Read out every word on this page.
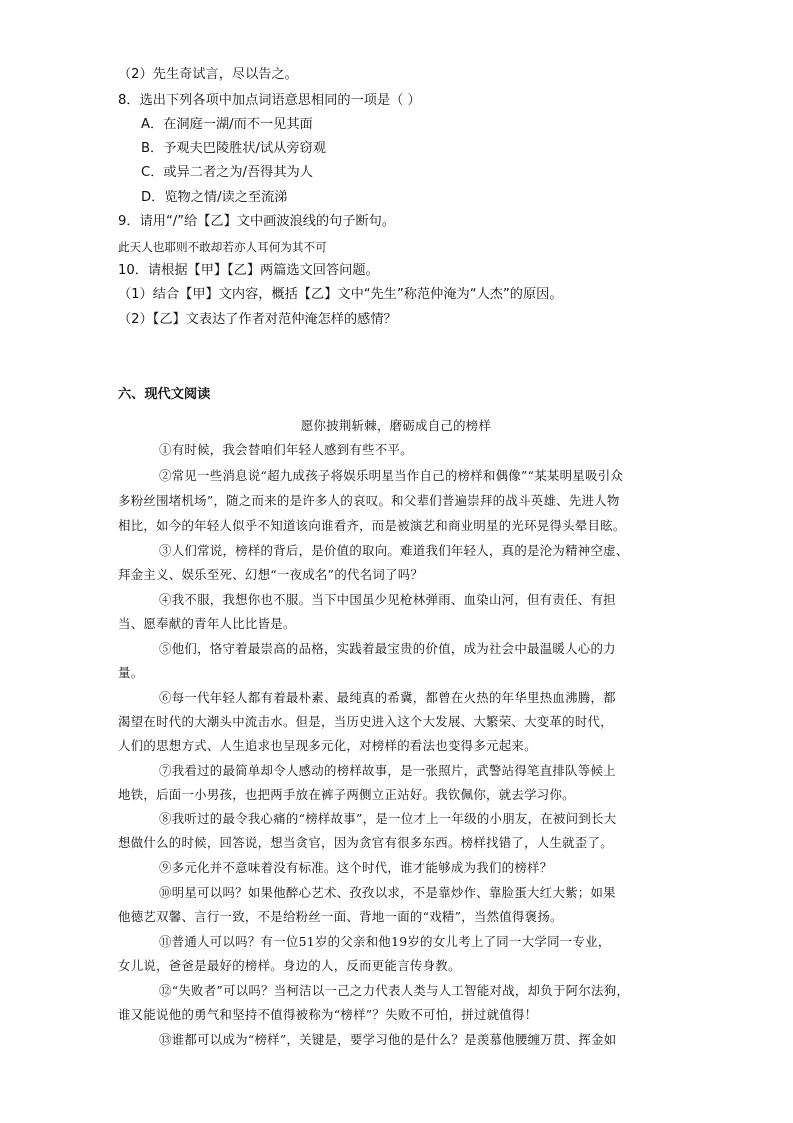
（2）先生奇试言，尽以告之。
8．选出下列各项中加点词语意思相同的一项是（ ）
A．在洞庭一湖/而不一见其面
B．予观夫巴陵胜状/试从旁窃观
C．或异二者之为/吾得其为人
D．览物之情/读之至流涕
9．请用“/”给【乙】文中画波浪线的句子断句。
此天人也耶则不敢却若亦人耳何为其不可
10．请根据【甲】【乙】两篇选文回答问题。
（1）结合【甲】文内容，概括【乙】文中“先生”称范仲淹为“人杰”的原因。
（2）【乙】文表达了作者对范仲淹怎样的感情？
六、现代文阅读
愿你披荆斩棘，磨砺成自己的榜样
①有时候，我会替咱们年轻人感到有些不平。
②常见一些消息说“超九成孩子将娱乐明星当作自己的榜样和偶像”“某某明星吸引众
多粉丝围堵机场”，随之而来的是许多人的哀叹。和父辈们普遍崇拜的战斗英雄、先进人物
相比，如今的年轻人似乎不知道该向谁看齐，而是被演艺和商业明星的光环晃得头晕目眩。
③人们常说，榜样的背后，是价值的取向。难道我们年轻人，真的是沦为精神空虚、
拜金主义、娱乐至死、幻想“一夜成名”的代名词了吗？
④我不服，我想你也不服。当下中国虽少见枪林弹雨、血染山河，但有责任、有担
当、愿奉献的青年人比比皆是。
⑤他们，恪守着最崇高的品格，实践着最宝贵的价值，成为社会中最温暖人心的力
量。
⑥每一代年轻人都有着最朴素、最纯真的希冀，都曾在火热的年华里热血沸腾，都
渴望在时代的大潮头中流击水。但是，当历史进入这个大发展、大繁荣、大变革的时代，
人们的思想方式、人生追求也呈现多元化，对榜样的看法也变得多元起来。
⑦我看过的最简单却令人感动的榜样故事，是一张照片，武警站得笔直排队等候上
地铁，后面一小男孩，也把两手放在裤子两侧立正站好。我钦佩你，就去学习你。
⑧我听过的最令我心痛的“榜样故事”，是一位才上一年级的小朋友，在被问到长大
想做什么的时候，回答说，想当贪官，因为贪官有很多东西。榜样找错了，人生就歪了。
⑨多元化并不意味着没有标准。这个时代，谁才能够成为我们的榜样？
⑩明星可以吗？如果他醉心艺术、孜孜以求，不是靠炒作、靠脸蛋大红大紫；如果
他德艺双馨、言行一致，不是给粉丝一面、背地一面的“戏精”，当然值得褒扬。
⑪普通人可以吗？有一位51岁的父亲和他19岁的女儿考上了同一大学同一专业，
女儿说，爸爸是最好的榜样。身边的人，反而更能言传身教。
⑫“失败者”可以吗？当柯洁以一己之力代表人类与人工智能对战，却负于阿尔法狗，
谁又能说他的勇气和坚持不值得被称为“榜样”？失败不可怕，拼过就值得！
⑬谁都可以成为“榜样”，关键是，要学习他的是什么？是羡慕他腰缠万贯、挥金如
